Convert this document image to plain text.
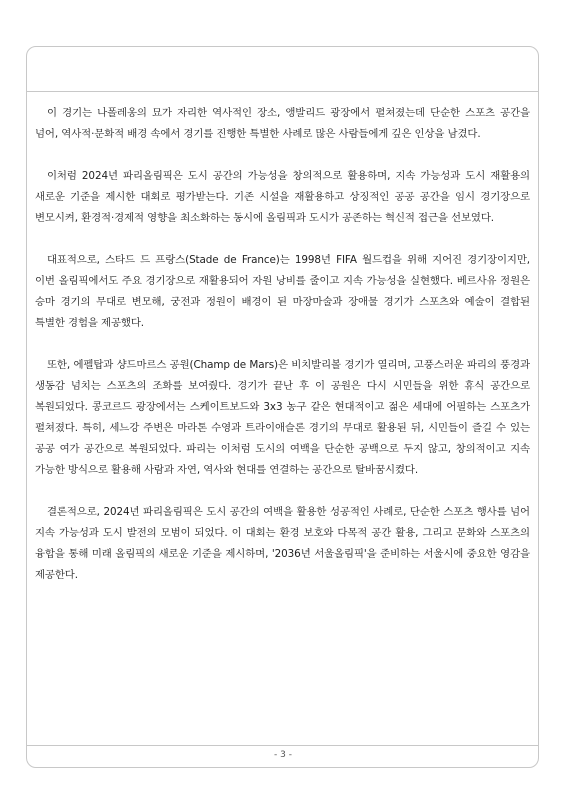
이 경기는 나폴레옹의 묘가 자리한 역사적인 장소, 앵발리드 광장에서 펼쳐졌는데 단순한 스포츠 공간을 넘어, 역사적·문화적 배경 속에서 경기를 진행한 특별한 사례로 많은 사람들에게 깊은 인상을 남겼다.

이처럼 2024년 파리올림픽은 도시 공간의 가능성을 창의적으로 활용하며, 지속 가능성과 도시 재활용의 새로운 기준을 제시한 대회로 평가받는다. 기존 시설을 재활용하고 상징적인 공공 공간을 임시 경기장으로 변모시켜, 환경적·경제적 영향을 최소화하는 동시에 올림픽과 도시가 공존하는 혁신적 접근을 선보였다.

대표적으로, 스타드 드 프랑스(Stade de France)는 1998년 FIFA 월드컵을 위해 지어진 경기장이지만, 이번 올림픽에서도 주요 경기장으로 재활용되어 자원 낭비를 줄이고 지속 가능성을 실현했다. 베르사유 정원은 승마 경기의 무대로 변모해, 궁전과 정원이 배경이 된 마장마술과 장애물 경기가 스포츠와 예술이 결합된 특별한 경험을 제공했다.

또한, 에펠탑과 샹드마르스 공원(Champ de Mars)은 비치발리볼 경기가 열리며, 고풍스러운 파리의 풍경과 생동감 넘치는 스포츠의 조화를 보여줬다. 경기가 끝난 후 이 공원은 다시 시민들을 위한 휴식 공간으로 복원되었다. 콩코르드 광장에서는 스케이트보드와 3x3 농구 같은 현대적이고 젊은 세대에 어필하는 스포츠가 펼쳐졌다. 특히, 세느강 주변은 마라톤 수영과 트라이애슬론 경기의 무대로 활용된 뒤, 시민들이 즐길 수 있는 공공 여가 공간으로 복원되었다. 파리는 이처럼 도시의 여백을 단순한 공백으로 두지 않고, 창의적이고 지속 가능한 방식으로 활용해 사람과 자연, 역사와 현대를 연결하는 공간으로 탈바꿈시켰다.

결론적으로, 2024년 파리올림픽은 도시 공간의 여백을 활용한 성공적인 사례로, 단순한 스포츠 행사를 넘어 지속 가능성과 도시 발전의 모범이 되었다. 이 대회는 환경 보호와 다목적 공간 활용, 그리고 문화와 스포츠의 융합을 통해 미래 올림픽의 새로운 기준을 제시하며, '2036년 서울올림픽'을 준비하는 서울시에 중요한 영감을 제공한다.

- 3 -
